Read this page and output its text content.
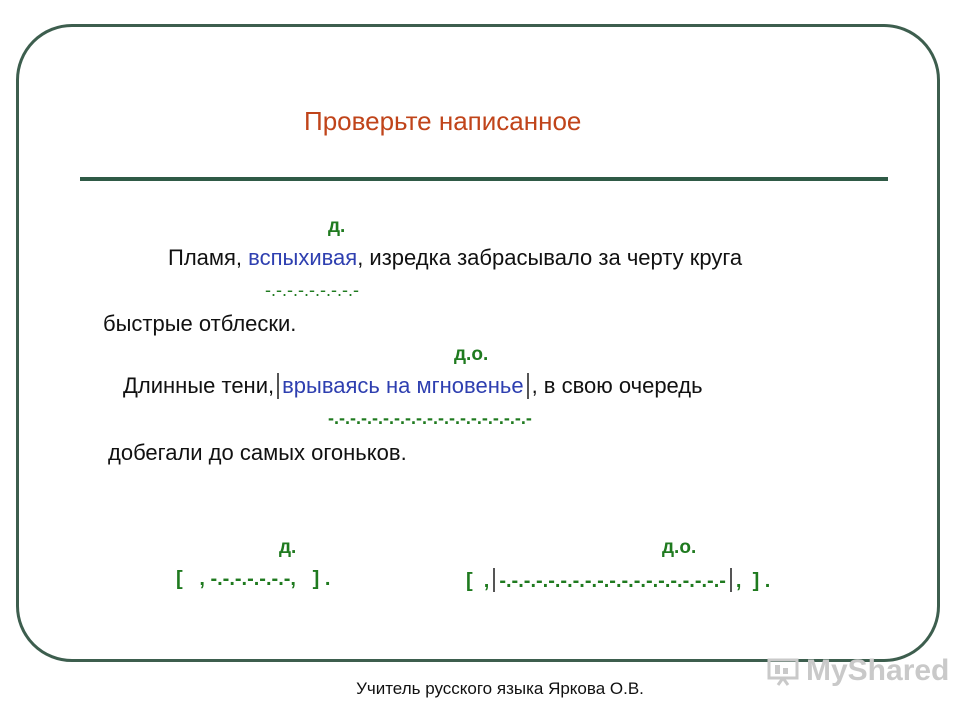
Проверьте написанное
д.
Пламя, вспыхивая, изредка забрасывало за черту круга
-.-.-.-.-.-.-.-.-
быстрые отблески.
д.о.
Длинные тени, врываясь на мгновенье , в свою очередь
-.-.-.-.-.-.-.-.-.-.-.-.-.-.-.-.-.-.-
добегали до самых огоньков.
д.
[   , -.-.-.-.-.-.-,   ] .
д.о.
[  , -.-.-.-.-.-.-.-.-.-.-.-.-.-.-.-.-.-.- ,  ] .
MyShared
Учитель русского языка Яркова О.В.
